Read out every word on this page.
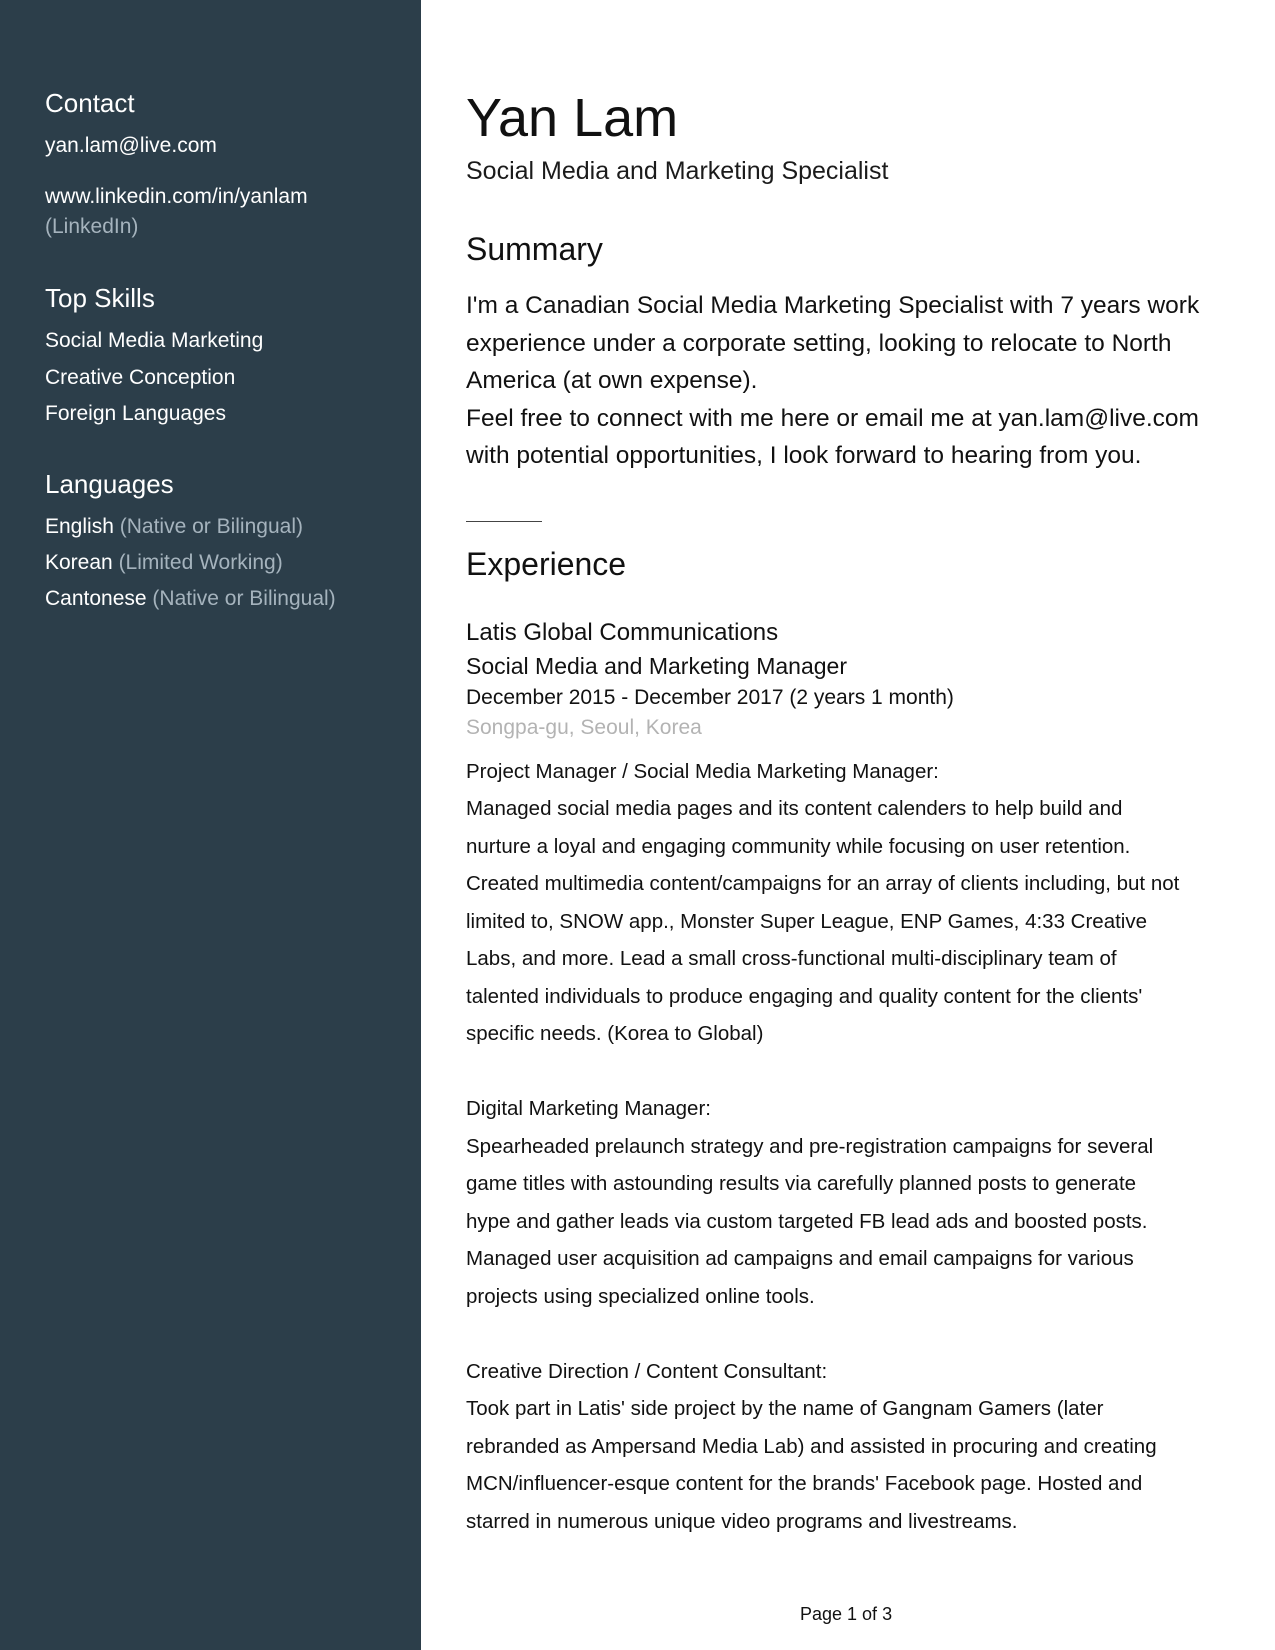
Contact
yan.lam@live.com
www.linkedin.com/in/yanlam
(LinkedIn)
Top Skills
Social Media Marketing
Creative Conception
Foreign Languages
Languages
English (Native or Bilingual)
Korean (Limited Working)
Cantonese (Native or Bilingual)
Yan Lam
Social Media and Marketing Specialist
Summary
I'm a Canadian Social Media Marketing Specialist with 7 years work
experience under a corporate setting, looking to relocate to North
America (at own expense).
Feel free to connect with me here or email me at yan.lam@live.com
with potential opportunities, I look forward to hearing from you.
Experience
Latis Global Communications
Social Media and Marketing Manager
December 2015 - December 2017 (2 years 1 month)
Songpa-gu, Seoul, Korea
Project Manager / Social Media Marketing Manager:
Managed social media pages and its content calenders to help build and
nurture a loyal and engaging community while focusing on user retention.
Created multimedia content/campaigns for an array of clients including, but not
limited to, SNOW app., Monster Super League, ENP Games, 4:33 Creative
Labs, and more. Lead a small cross-functional multi-disciplinary team of
talented individuals to produce engaging and quality content for the clients'
specific needs. (Korea to Global)
Digital Marketing Manager:
Spearheaded prelaunch strategy and pre-registration campaigns for several
game titles with astounding results via carefully planned posts to generate
hype and gather leads via custom targeted FB lead ads and boosted posts.
Managed user acquisition ad campaigns and email campaigns for various
projects using specialized online tools.
Creative Direction / Content Consultant:
Took part in Latis' side project by the name of Gangnam Gamers (later
rebranded as Ampersand Media Lab) and assisted in procuring and creating
MCN/influencer-esque content for the brands' Facebook page. Hosted and
starred in numerous unique video programs and livestreams.
Page 1 of 3
